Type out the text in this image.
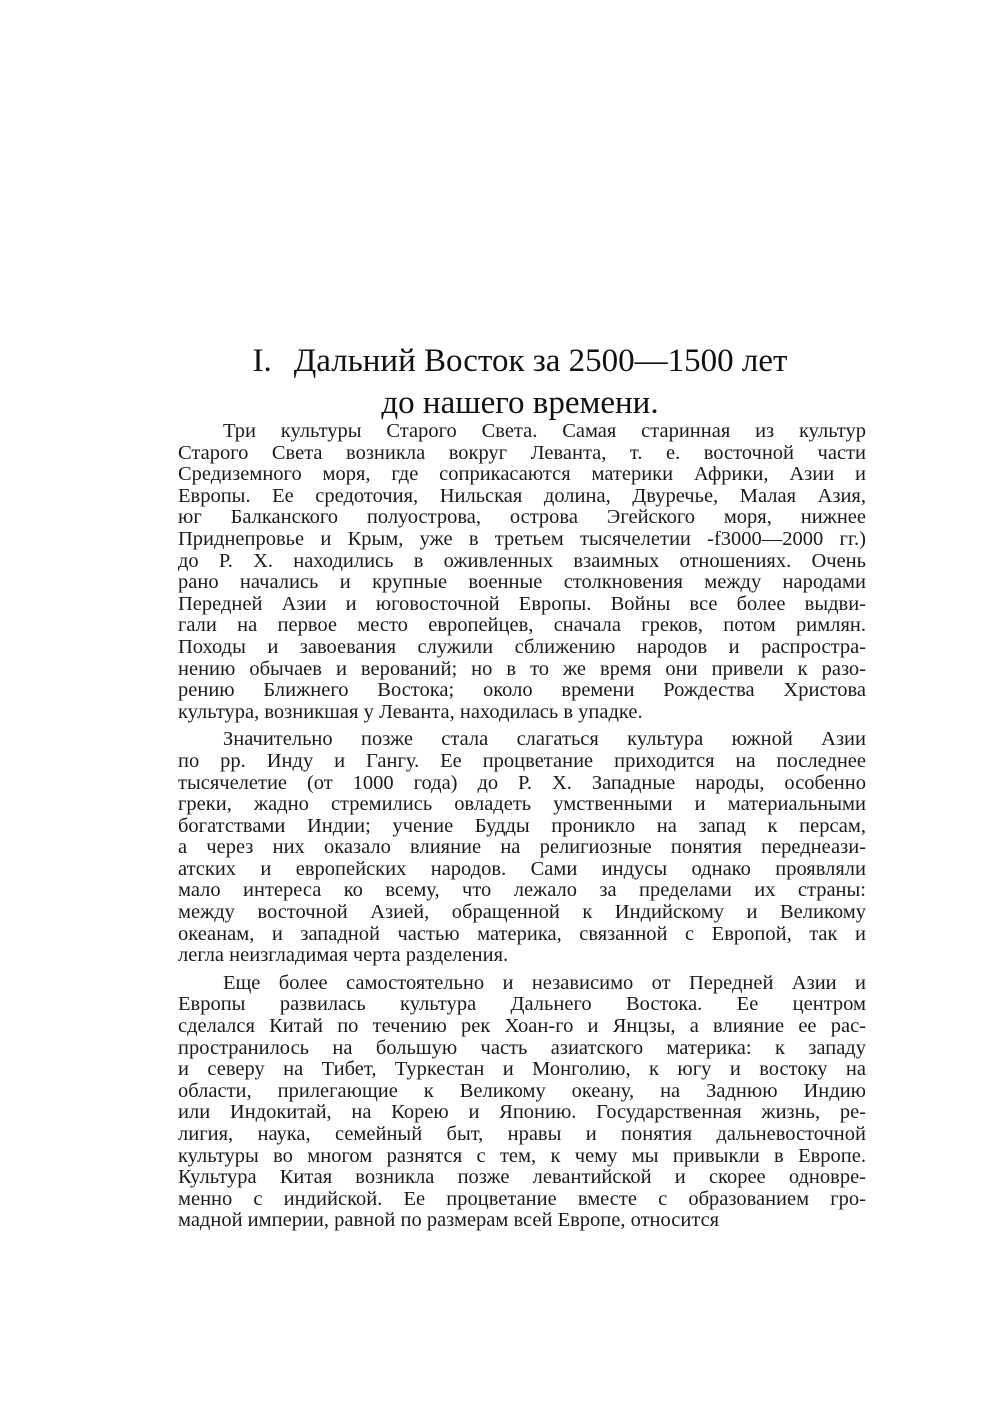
I. Дальний Восток за 2500—1500 лет
до нашего времени.
Три культуры Старого Света. Самая старинная из культур
Старого Света возникла вокруг Леванта, т. е. восточной части
Средиземного моря, где соприкасаются материки Африки, Азии и
Европы. Ее средоточия, Нильская долина, Двуречье, Малая Азия,
юг Балканского полуострова, острова Эгейского моря, нижнее
Приднепровье и Крым, уже в третьем тысячелетии -f3000—2000 гг.)
до Р. X. находились в оживленных взаимных отношениях. Очень
рано начались и крупные военные столкновения между народами
Передней Азии и юговосточной Европы. Войны все более выдви-
гали на первое место европейцев, сначала греков, потом римлян.
Походы и завоевания служили сближению народов и распростра-
нению обычаев и верований; но в то же время они привели к разо-
рению Ближнего Востока; около времени Рождества Христова
культура, возникшая у Леванта, находилась в упадке.
Значительно позже стала слагаться культура южной Азии
по рр. Инду и Гангу. Ее процветание приходится на последнее
тысячелетие (от 1000 года) до Р. X. Западные народы, особенно
греки, жадно стремились овладеть умственными и материальными
богатствами Индии; учение Будды проникло на запад к персам,
а через них оказало влияние на религиозные понятия переднеази-
атских и европейских народов. Сами индусы однако проявляли
мало интереса ко всему, что лежало за пределами их страны:
между восточной Азией, обращенной к Индийскому и Великому
океанам, и западной частью материка, связанной с Европой, так и
легла неизгладимая черта разделения.
Еще более самостоятельно и независимо от Передней Азии и
Европы развилась культура Дальнего Востока. Ее центром
сделался Китай по течению рек Хоан-го и Янцзы, а влияние ее рас-
пространилось на большую часть азиатского материка: к западу
и северу на Тибет, Туркестан и Монголию, к югу и востоку на
области, прилегающие к Великому океану, на Заднюю Индию
или Индокитай, на Корею и Японию. Государственная жизнь, ре-
лигия, наука, семейный быт, нравы и понятия дальневосточной
культуры во многом разнятся с тем, к чему мы привыкли в Европе.
Культура Китая возникла позже левантийской и скорее одновре-
менно с индийской. Ее процветание вместе с образованием гро-
мадной империи, равной по размерам всей Европе, относится
